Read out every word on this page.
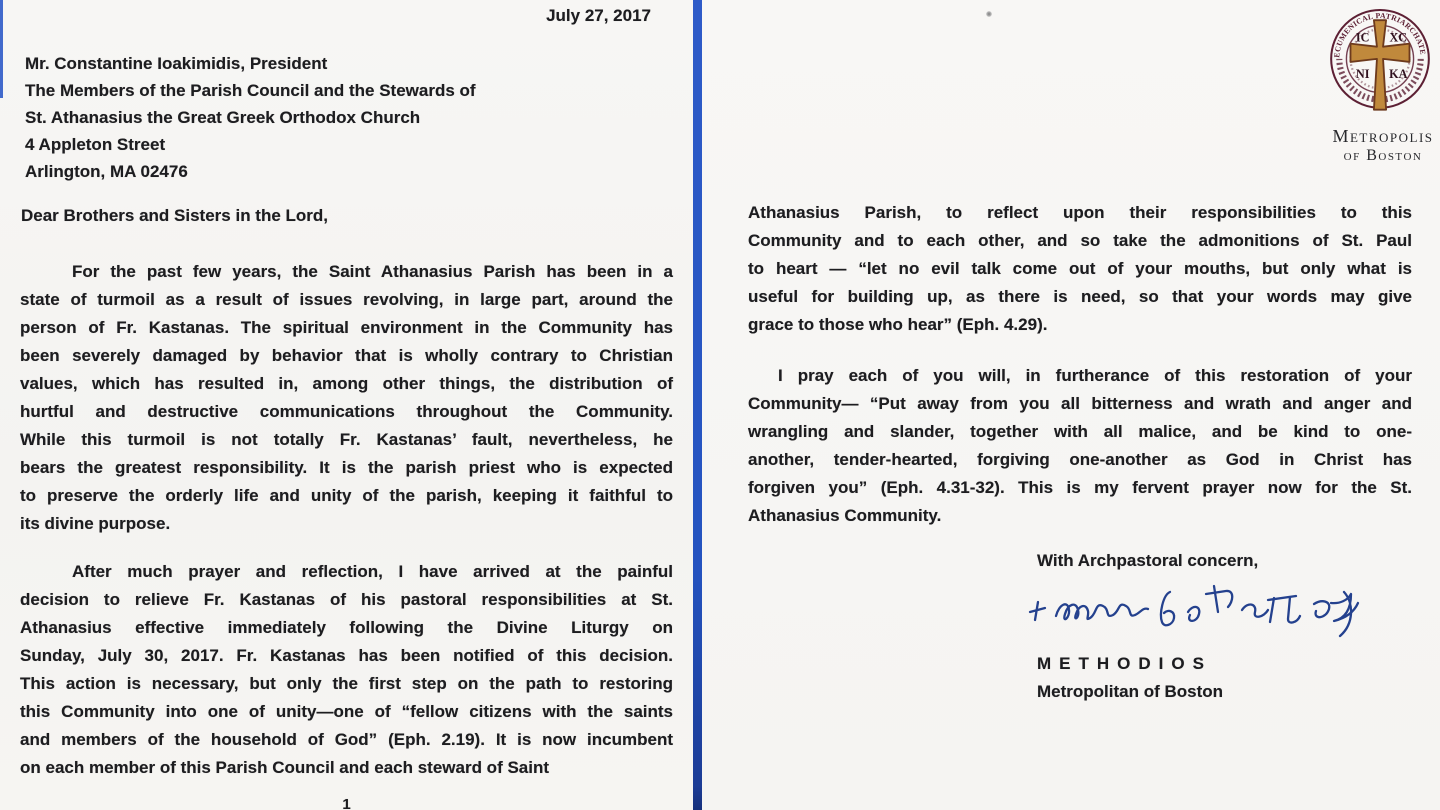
July 27, 2017
Mr. Constantine Ioakimidis, President
The Members of the Parish Council and the Stewards of
St. Athanasius the Great Greek Orthodox Church
4 Appleton Street
Arlington, MA 02476
Dear Brothers and Sisters in the Lord,
For the past few years, the Saint Athanasius Parish has been in a
state of turmoil as a result of issues revolving, in large part, around the
person of Fr. Kastanas. The spiritual environment in the Community has
been severely damaged by behavior that is wholly contrary to Christian
values, which has resulted in, among other things, the distribution of
hurtful and destructive communications throughout the Community.
While this turmoil is not totally Fr. Kastanas’ fault, nevertheless, he
bears the greatest responsibility. It is the parish priest who is expected
to preserve the orderly life and unity of the parish, keeping it faithful to
its divine purpose.
After much prayer and reflection, I have arrived at the painful
decision to relieve Fr. Kastanas of his pastoral responsibilities at St.
Athanasius effective immediately following the Divine Liturgy on
Sunday, July 30, 2017. Fr. Kastanas has been notified of this decision.
This action is necessary, but only the first step on the path to restoring
this Community into one of unity—one of “fellow citizens with the saints
and members of the household of God” (Eph. 2.19). It is now incumbent
on each member of this Parish Council and each steward of Saint
1
ECUMENICAL PATRIARCHATE
IC XC
NI KA
Metropolis
of Boston
Athanasius Parish, to reflect upon their responsibilities to this
Community and to each other, and so take the admonitions of St. Paul
to heart — “let no evil talk come out of your mouths, but only what is
useful for building up, as there is need, so that your words may give
grace to those who hear” (Eph. 4.29).
I pray each of you will, in furtherance of this restoration of your
Community— “Put away from you all bitterness and wrath and anger and
wrangling and slander, together with all malice, and be kind to one-
another, tender-hearted, forgiving one-another as God in Christ has
forgiven you” (Eph. 4.31-32). This is my fervent prayer now for the St.
Athanasius Community.
With Archpastoral concern,
METHODIOS
Metropolitan of Boston
